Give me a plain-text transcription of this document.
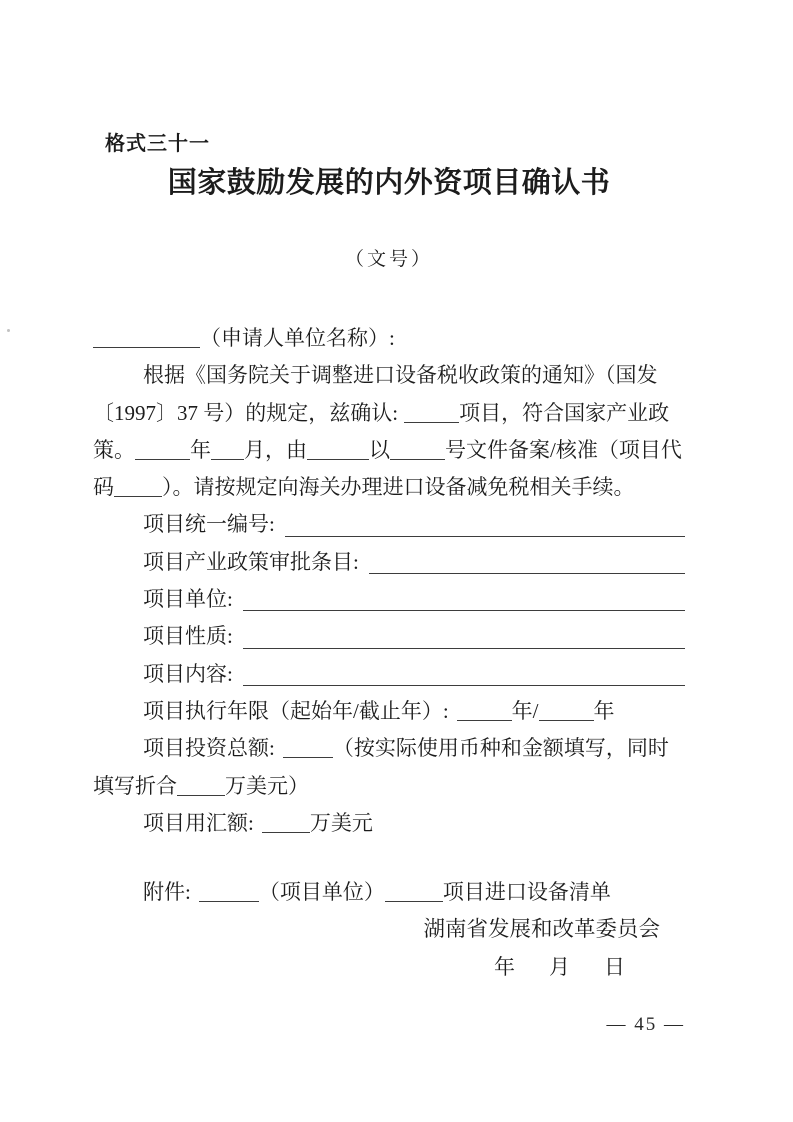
格式三十一
国家鼓励发展的内外资项目确认书
（文号）
（申请人单位名称）:
根据《国务院关于调整进口设备税收政策的通知》（国发
〔1997〕37 号）的规定，兹确认:	项目，符合国家产业政
策。	年 月，由	以	号文件备案/核准（项目代
码 ）。请按规定向海关办理进口设备减免税相关手续。
项目统一编号:
项目产业政策审批条目:
项目单位:
项目性质:
项目内容:
项目执行年限（起始年/截止年）:	年/	年
项目投资总额:	（按实际使用币种和金额填写，同时
填写折合 万美元）
项目用汇额:	万美元
附件:	（项目单位）	项目进口设备清单
湖南省发展和改革委员会
年 月 日
— 45 —
